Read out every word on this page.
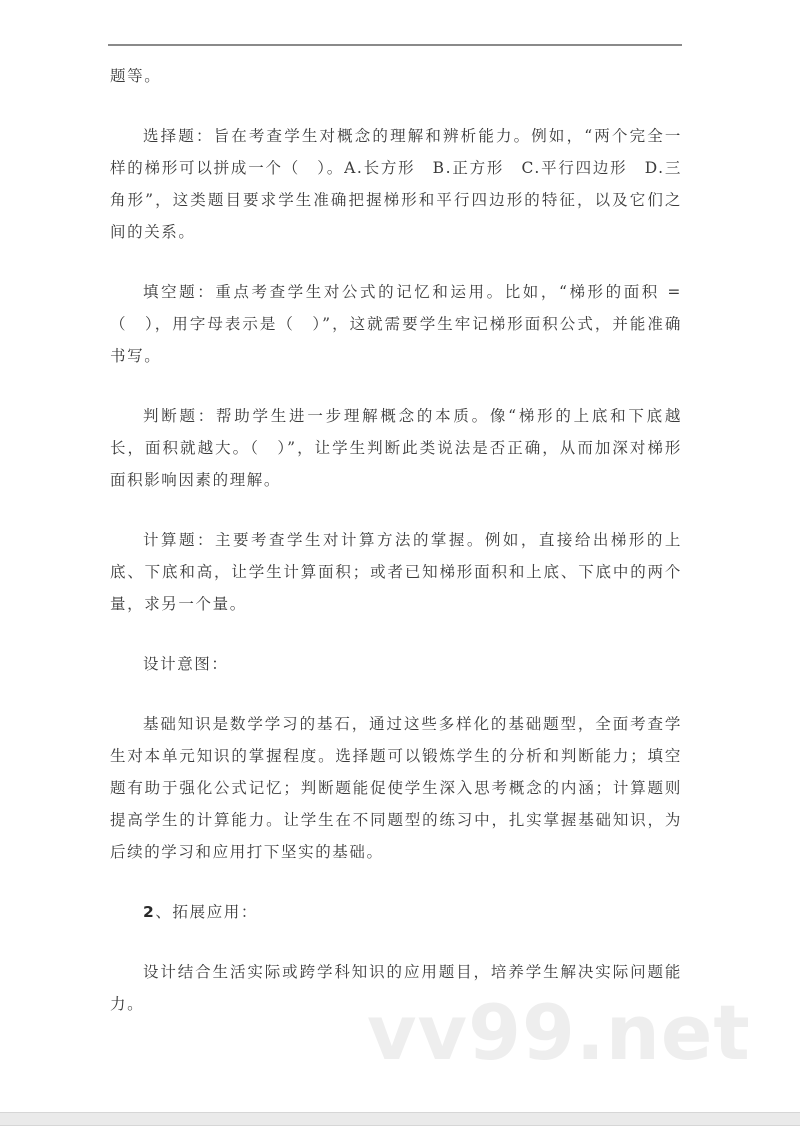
题等。

选择题：旨在考查学生对概念的理解和辨析能力。例如，“两个完全一样的梯形可以拼成一个（　）。A.长方形　B.正方形　C.平行四边形　D.三角形”，这类题目要求学生准确把握梯形和平行四边形的特征，以及它们之间的关系。

填空题：重点考查学生对公式的记忆和运用。比如，“梯形的面积 =（　），用字母表示是（　）”，这就需要学生牢记梯形面积公式，并能准确书写。

判断题：帮助学生进一步理解概念的本质。像“梯形的上底和下底越长，面积就越大。（　）”，让学生判断此类说法是否正确，从而加深对梯形面积影响因素的理解。

计算题：主要考查学生对计算方法的掌握。例如，直接给出梯形的上底、下底和高，让学生计算面积；或者已知梯形面积和上底、下底中的两个量，求另一个量。

设计意图：

基础知识是数学学习的基石，通过这些多样化的基础题型，全面考查学生对本单元知识的掌握程度。选择题可以锻炼学生的分析和判断能力；填空题有助于强化公式记忆；判断题能促使学生深入思考概念的内涵；计算题则提高学生的计算能力。让学生在不同题型的练习中，扎实掌握基础知识，为后续的学习和应用打下坚实的基础。

2、拓展应用：

设计结合生活实际或跨学科知识的应用题目，培养学生解决实际问题能力。	vv99.net
